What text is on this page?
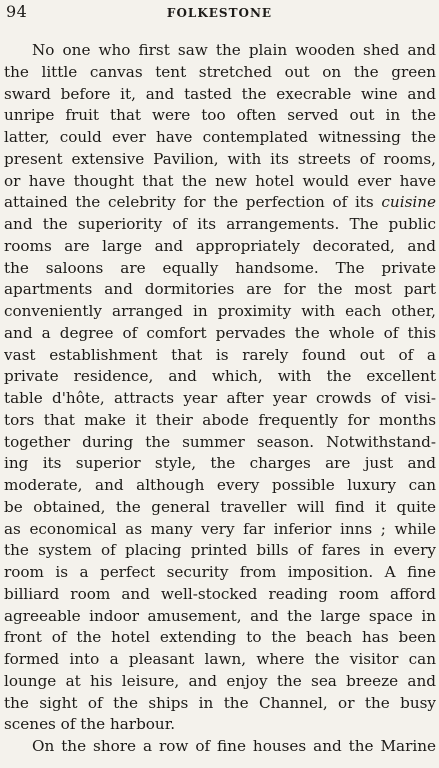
94	FOLKESTONE
No one who first saw the plain wooden shed and
the little canvas tent stretched out on the green
sward before it, and tasted the execrable wine and
unripe fruit that were too often served out in the
latter, could ever have contemplated witnessing the
present extensive Pavilion, with its streets of rooms,
or have thought that the new hotel would ever have
attained the celebrity for the perfection of its cuisine
and the superiority of its arrangements. The public
rooms are large and appropriately decorated, and
the saloons are equally handsome. The private
apartments and dormitories are for the most part
conveniently arranged in proximity with each other,
and a degree of comfort pervades the whole of this
vast establishment that is rarely found out of a
private residence, and which, with the excellent
table d'hôte, attracts year after year crowds of visi-
tors that make it their abode frequently for months
together during the summer season. Notwithstand-
ing its superior style, the charges are just and
moderate, and although every possible luxury can
be obtained, the general traveller will find it quite
as economical as many very far inferior inns ; while
the system of placing printed bills of fares in every
room is a perfect security from imposition. A fine
billiard room and well-stocked reading room afford
agreeable indoor amusement, and the large space in
front of the hotel extending to the beach has been
formed into a pleasant lawn, where the visitor can
lounge at his leisure, and enjoy the sea breeze and
the sight of the ships in the Channel, or the busy
scenes of the harbour.
On the shore a row of fine houses and the Marine
